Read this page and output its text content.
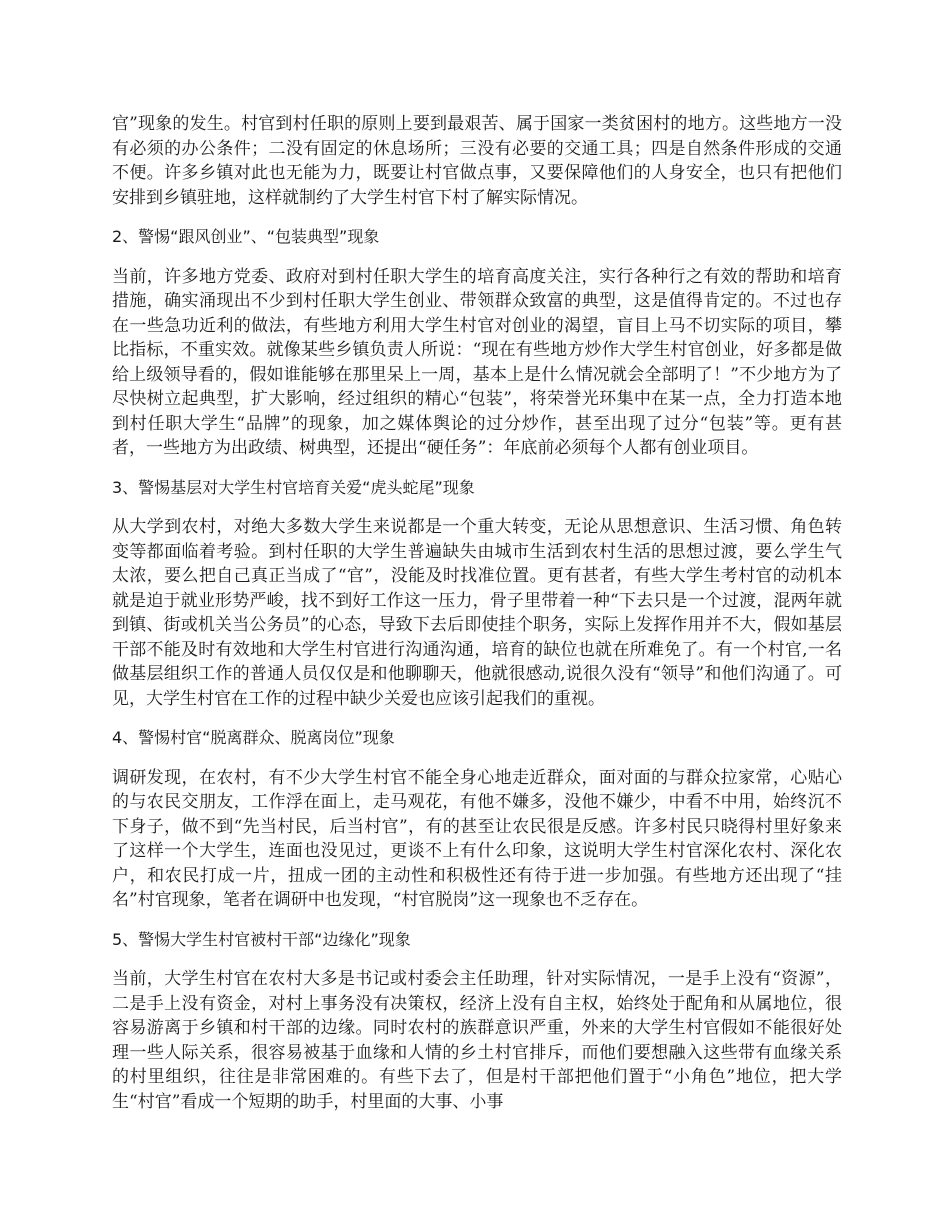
官”现象的发生。村官到村任职的原则上要到最艰苦、属于国家一类贫困村的地方。这些地方一没有必须的办公条件；二没有固定的休息场所；三没有必要的交通工具；四是自然条件形成的交通不便。许多乡镇对此也无能为力，既要让村官做点事，又要保障他们的人身安全，也只有把他们安排到乡镇驻地，这样就制约了大学生村官下村了解实际情况。

2、警惕“跟风创业”、“包装典型”现象

当前，许多地方党委、政府对到村任职大学生的培育高度关注，实行各种行之有效的帮助和培育措施，确实涌现出不少到村任职大学生创业、带领群众致富的典型，这是值得肯定的。不过也存在一些急功近利的做法，有些地方利用大学生村官对创业的渴望，盲目上马不切实际的项目，攀比指标，不重实效。就像某些乡镇负责人所说：“现在有些地方炒作大学生村官创业，好多都是做给上级领导看的，假如谁能够在那里呆上一周，基本上是什么情况就会全部明了！”不少地方为了尽快树立起典型，扩大影响，经过组织的精心“包装”，将荣誉光环集中在某一点，全力打造本地到村任职大学生“品牌”的现象，加之媒体舆论的过分炒作，甚至出现了过分“包装”等。更有甚者，一些地方为出政绩、树典型，还提出“硬任务”：年底前必须每个人都有创业项目。

3、警惕基层对大学生村官培育关爱“虎头蛇尾”现象

从大学到农村，对绝大多数大学生来说都是一个重大转变，无论从思想意识、生活习惯、角色转变等都面临着考验。到村任职的大学生普遍缺失由城市生活到农村生活的思想过渡，要么学生气太浓，要么把自己真正当成了“官”，没能及时找准位置。更有甚者，有些大学生考村官的动机本就是迫于就业形势严峻，找不到好工作这一压力，骨子里带着一种“下去只是一个过渡，混两年就到镇、街或机关当公务员”的心态，导致下去后即使挂个职务，实际上发挥作用并不大，假如基层干部不能及时有效地和大学生村官进行沟通沟通，培育的缺位也就在所难免了。有一个村官,一名做基层组织工作的普通人员仅仅是和他聊聊天，他就很感动,说很久没有“领导”和他们沟通了。可见，大学生村官在工作的过程中缺少关爱也应该引起我们的重视。

4、警惕村官“脱离群众、脱离岗位”现象

调研发现，在农村，有不少大学生村官不能全身心地走近群众，面对面的与群众拉家常，心贴心的与农民交朋友，工作浮在面上，走马观花，有他不嫌多，没他不嫌少，中看不中用，始终沉不下身子，做不到“先当村民，后当村官”，有的甚至让农民很是反感。许多村民只晓得村里好象来了这样一个大学生，连面也没见过，更谈不上有什么印象，这说明大学生村官深化农村、深化农户，和农民打成一片，扭成一团的主动性和积极性还有待于进一步加强。有些地方还出现了“挂名”村官现象，笔者在调研中也发现，“村官脱岗”这一现象也不乏存在。

5、警惕大学生村官被村干部“边缘化”现象

当前，大学生村官在农村大多是书记或村委会主任助理，针对实际情况，一是手上没有“资源”，二是手上没有资金，对村上事务没有决策权，经济上没有自主权，始终处于配角和从属地位，很容易游离于乡镇和村干部的边缘。同时农村的族群意识严重，外来的大学生村官假如不能很好处理一些人际关系，很容易被基于血缘和人情的乡土村官排斥，而他们要想融入这些带有血缘关系的村里组织，往往是非常困难的。有些下去了，但是村干部把他们置于“小角色”地位，把大学生“村官”看成一个短期的助手，村里面的大事、小事
